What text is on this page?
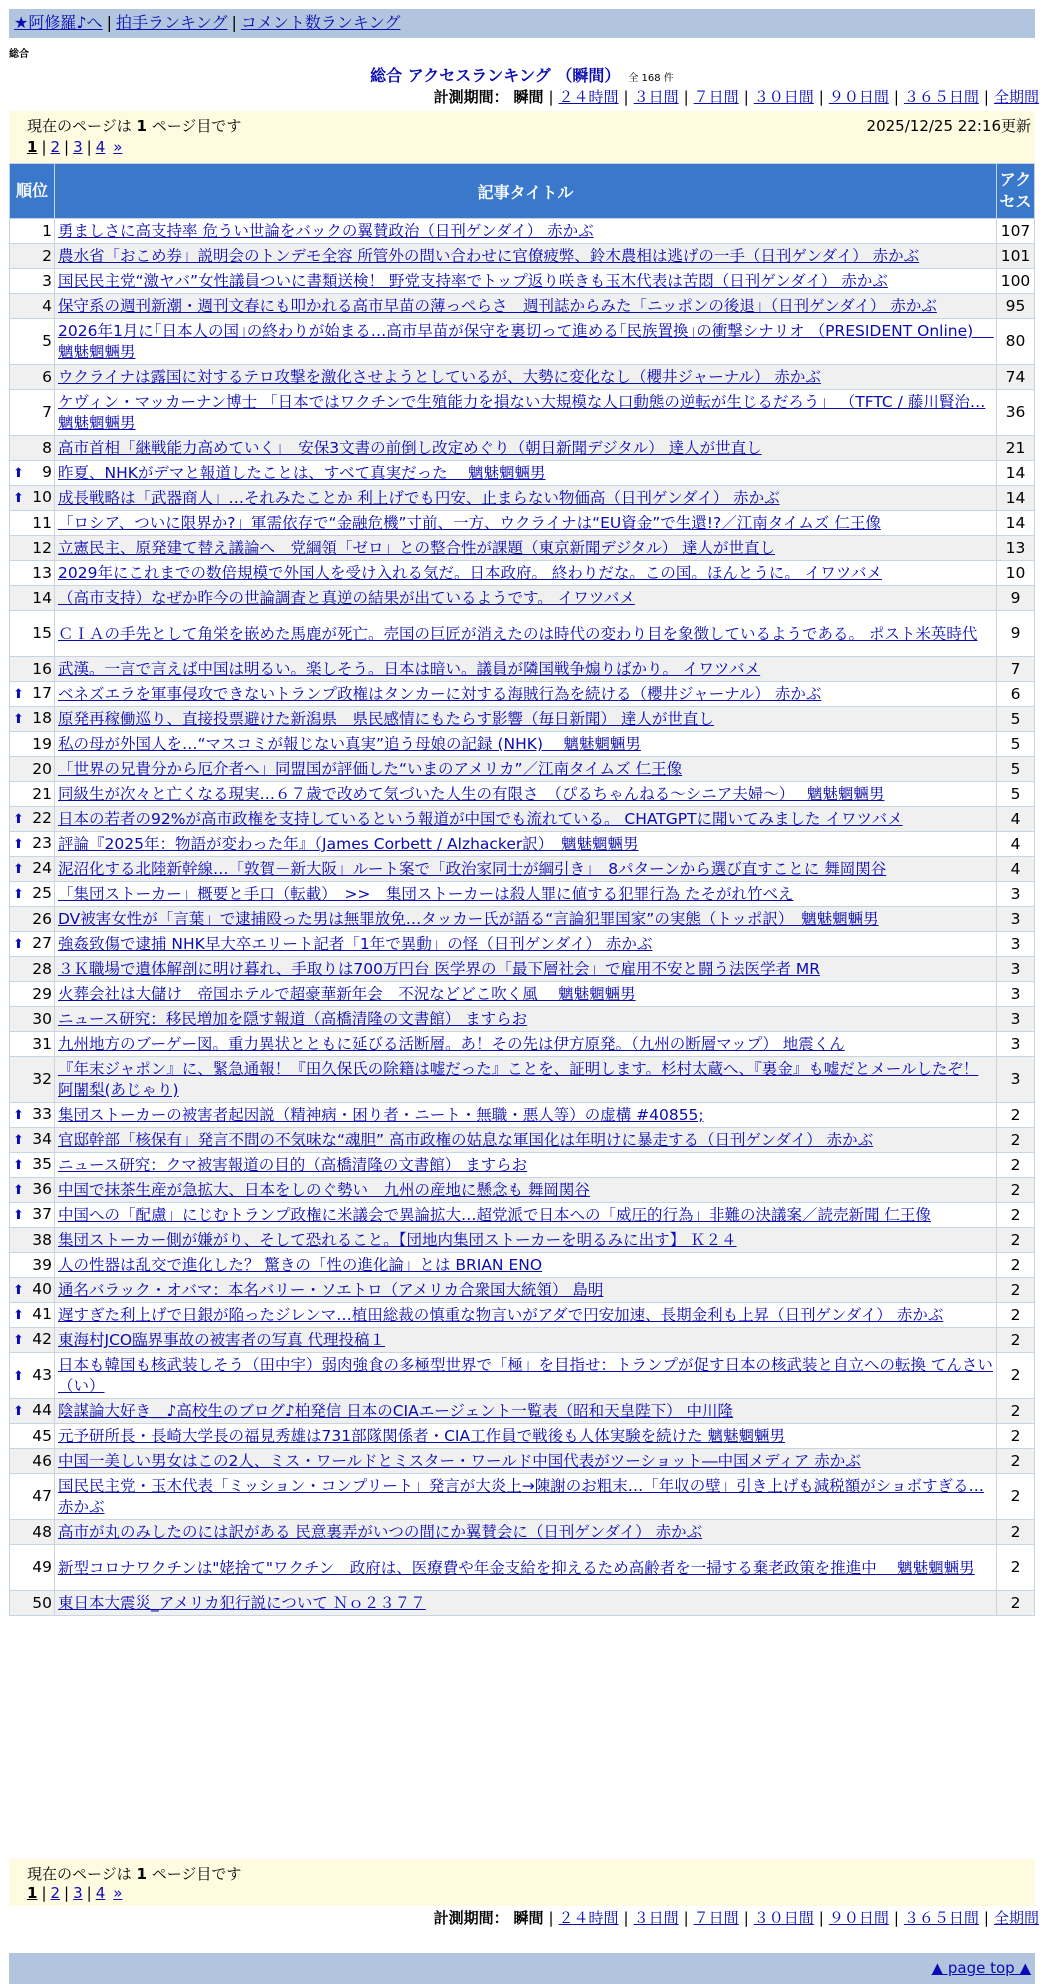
★阿修羅♪へ | 拍手ランキング | コメント数ランキング
総合
総合 アクセスランキング （瞬間） 全 168 件
計測期間： 瞬間 | ２４時間 | ３日間 | ７日間 | ３０日間 | ９０日間 | ３６５日間 | 全期間
現在のページは 1 ページ目です	2025/12/25 22:16更新
1 | 2 | 3 | 4 »
順位	記事タイトル	アクセス
1	勇ましさに高支持率 危うい世論をバックの翼賛政治（日刊ゲンダイ） 赤かぶ	107
2	農水省「おこめ券」説明会のトンデモ全容 所管外の問い合わせに官僚疲弊、鈴木農相は逃げの一手（日刊ゲンダイ） 赤かぶ	101
3	国民民主党“激ヤバ”女性議員ついに書類送検！ 野党支持率でトップ返り咲きも玉木代表は苦悶（日刊ゲンダイ） 赤かぶ	100
4	保守系の週刊新潮・週刊文春にも叩かれる高市早苗の薄っぺらさ　週刊誌からみた「ニッポンの後退」（日刊ゲンダイ） 赤かぶ	95
5	2026年1月に｢日本人の国｣の終わりが始まる…高市早苗が保守を裏切って進める｢民族置換｣の衝撃シナリオ （PRESIDENT Online)　 魑魅魍魎男	80
6	ウクライナは露国に対するテロ攻撃を激化させようとしているが、大勢に変化なし（櫻井ジャーナル） 赤かぶ	74
7	ケヴィン・マッカーナン博士 「日本ではワクチンで生殖能力を損ない大規模な人口動態の逆転が生じるだろう」 （TFTC / 藤川賢治… 魑魅魍魎男	36
8	高市首相「継戦能力高めていく」　安保3文書の前倒し改定めぐり（朝日新聞デジタル） 達人が世直し	21

⬆ 9	昨夏、NHKがデマと報道したことは、すべて真実だった　 魑魅魍魎男	14

⬆ 10	成長戦略は「武器商人」…それみたことか 利上げでも円安、止まらない物価高（日刊ゲンダイ） 赤かぶ	14
11	「ロシア、ついに限界か?」軍需依存で“金融危機”寸前、一方、ウクライナは“EU資金”で生還!?／江南タイムズ 仁王像	14
12	立憲民主、原発建て替え議論へ　党綱領「ゼロ」との整合性が課題（東京新聞デジタル） 達人が世直し	13
13	2029年にこれまでの数倍規模で外国人を受け入れる気だ。日本政府。 終わりだな。この国。ほんとうに。 イワツバメ	10
14	（高市支持）なぜか昨今の世論調査と真逆の結果が出ているようです。 イワツバメ	9
15	ＣＩＡの手先として角栄を嵌めた馬鹿が死亡。売国の巨匠が消えたのは時代の変わり目を象徴しているようである。 ポスト米英時代	9
16	武漢。一言で言えば中国は明るい。楽しそう。日本は暗い。議員が隣国戦争煽りばかり。 イワツバメ	7

⬆ 17	ベネズエラを軍事侵攻できないトランプ政権はタンカーに対する海賊行為を続ける（櫻井ジャーナル） 赤かぶ	6

⬆ 18	原発再稼働巡り、直接投票避けた新潟県　県民感情にもたらす影響（毎日新聞） 達人が世直し	5
19	私の母が外国人を…“マスコミが報じない真実”追う母娘の記録 (NHK)　 魑魅魍魎男	5
20	「世界の兄貴分から厄介者へ」同盟国が評価した“いまのアメリカ”／江南タイムズ 仁王像	5
21	同級生が次々と亡くなる現実…６７歳で改めて気づいた人生の有限さ　（ぴるちゃんねる〜シニア夫婦〜）　 魑魅魍魎男	5

⬆ 22	日本の若者の92%が高市政権を支持しているという報道が中国でも流れている。 CHATGPTに聞いてみました イワツバメ	4

⬆ 23	評論『2025年：物語が変わった年』（James Corbett / Alzhacker訳）　魑魅魍魎男	4

⬆ 24	泥沼化する北陸新幹線…「敦賀－新大阪」ルート案で「政治家同士が綱引き」　8パターンから選び直すことに 舞岡関谷	4

⬆ 25	「集団ストーカー」概要と手口（転載）　>>　集団ストーカーは殺人罪に値する犯罪行為 たそがれ竹べえ	3
26	DV被害女性が「言葉」で逮捕殴った男は無罪放免…タッカー氏が語る“言論犯罪国家”の実態（トッポ訳）　魑魅魍魎男	3

⬆ 27	強姦致傷で逮捕 NHK早大卒エリート記者「1年で異動」の怪（日刊ゲンダイ） 赤かぶ	3
28	３Ｋ職場で遺体解剖に明け暮れ、手取りは700万円台 医学界の「最下層社会」で雇用不安と闘う法医学者 MR	3
29	火葬会社は大儲け　帝国ホテルで超豪華新年会　不況などどこ吹く風　 魑魅魍魎男	3
30	ニュース研究：移民増加を隠す報道（高橋清隆の文書館） ますらお	3
31	九州地方のブーゲー図。重力異状とともに延びる活断層。あ！その先は伊方原発。（九州の断層マップ） 地震くん	3
32	『年末ジャポン』に、緊急通報！『田久保氏の除籍は嘘だった』ことを、証明します。杉村太蔵へ、『裏金』も嘘だとメールしたぞ！ 阿闍梨(あじゃり)	3

⬆ 33	集団ストーカーの被害者起因説（精神病・困り者・ニート・無職・悪人等）の虚構 #40855;	2

⬆ 34	官邸幹部「核保有」発言不問の不気味な“魂胆” 高市政権の姑息な軍国化は年明けに暴走する（日刊ゲンダイ） 赤かぶ	2

⬆ 35	ニュース研究：クマ被害報道の目的（高橋清隆の文書館） ますらお	2

⬆ 36	中国で抹茶生産が急拡大、日本をしのぐ勢い　九州の産地に懸念も 舞岡関谷	2

⬆ 37	中国への「配慮」にじむトランプ政権に米議会で異論拡大…超党派で日本への「威圧的行為」非難の決議案／読売新聞 仁王像	2
38	集団ストーカー側が嫌がり、そして恐れること。【団地内集団ストーカーを明るみに出す】 Ｋ２４	2
39	人の性器は乱交で進化した？ 驚きの「性の進化論」とは BRIAN ENO	2

⬆ 40	通名バラック・オバマ：本名バリー・ソエトロ（アメリカ合衆国大統領） 島明	2

⬆ 41	遅すぎた利上げで日銀が陥ったジレンマ…植田総裁の慎重な物言いがアダで円安加速、長期金利も上昇（日刊ゲンダイ） 赤かぶ	2

⬆ 42	東海村JCO臨界事故の被害者の写真 代理投稿１	2

⬆ 43	日本も韓国も核武装しそう（田中宇）弱肉強食の多極型世界で「極」を目指せ：トランプが促す日本の核武装と自立への転換 てんさい（い）	2

⬆ 44	陰謀論大好き＿♪高校生のブログ♪柏発信 日本のCIAエージェント一覧表（昭和天皇陛下） 中川隆	2
45	元予研所長・長崎大学長の福見秀雄は731部隊関係者・CIA工作員で戦後も人体実験を続けた 魑魅魍魎男	2
46	中国一美しい男女はこの2人、ミス・ワールドとミスター・ワールド中国代表がツーショット―中国メディア 赤かぶ	2
47	国民民主党・玉木代表「ミッション・コンプリート」発言が大炎上→陳謝のお粗末…「年収の壁」引き上げも減税額がショボすぎる… 赤かぶ	2
48	高市が丸のみしたのには訳がある 民意裏弄がいつの間にか翼賛会に（日刊ゲンダイ） 赤かぶ	2
49	新型コロナワクチンは"姥捨て"ワクチン　政府は、医療費や年金支給を抑えるため高齢者を一掃する棄老政策を推進中　 魑魅魍魎男	2
50	東日本大震災_アメリカ犯行説について Ｎｏ２３７７	2
現在のページは 1 ページ目です
1 | 2 | 3 | 4 »
計測期間： 瞬間 | ２４時間 | ３日間 | ７日間 | ３０日間 | ９０日間 | ３６５日間 | 全期間
▲ page top ▲
